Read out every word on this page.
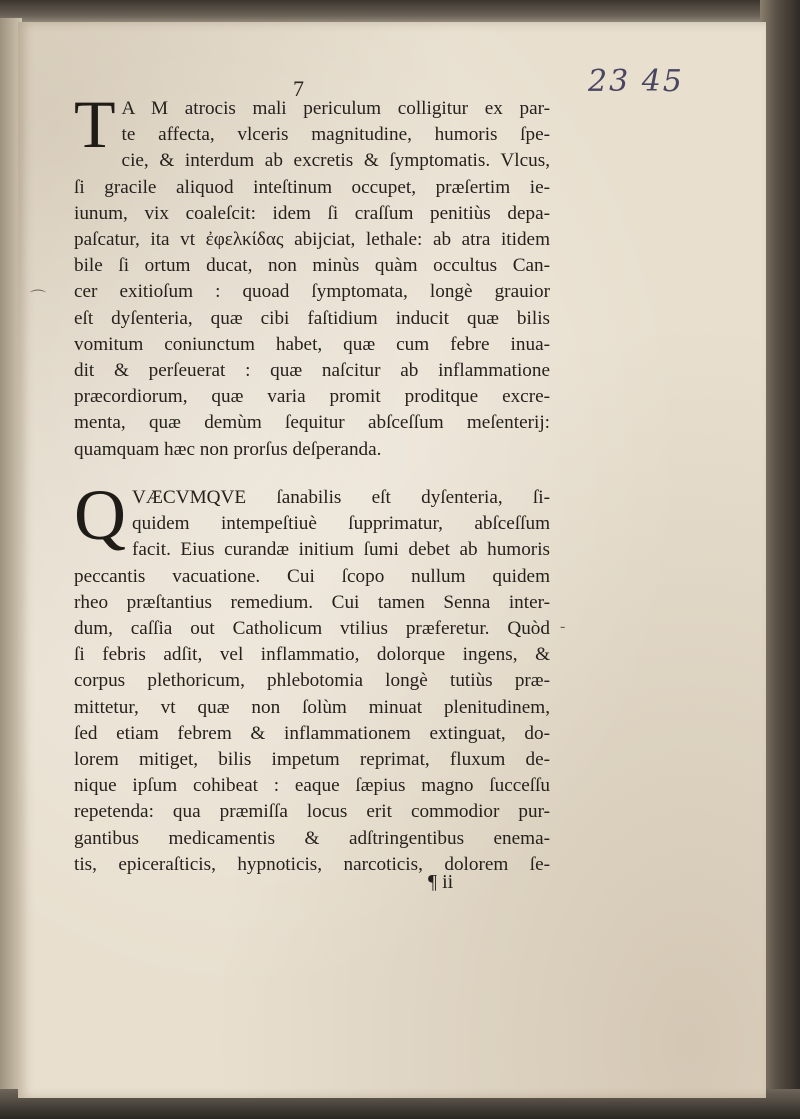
7	23 45
⌒
-
T A M atrocis mali periculum colligitur ex par-
te affecta, vlceris magnitudine, humoris ſpe-
cie, & interdum ab excretis & ſymptomatis. Vlcus,
ſi gracile aliquod inteſtinum occupet, præſertim ie-
iunum, vix coaleſcit: idem ſi craſſum penitiùs depa-
paſcatur, ita vt ἐφελκίδας abijciat, lethale: ab atra itidem
bile ſi ortum ducat, non minùs quàm occultus Can-
cer exitioſum : quoad ſymptomata, longè grauior
eſt dyſenteria, quæ cibi faſtidium inducit quæ bilis
vomitum coniunctum habet, quæ cum febre inua-
dit & perſeuerat : quæ naſcitur ab inflammatione
præcordiorum, quæ varia promit proditque excre-
menta, quæ demùm ſequitur abſceſſum meſenterij:
quamquam hæc non prorſus deſperanda.
Q VÆCVMQVE ſanabilis eſt dyſenteria, ſi-
quidem intempeſtiuè ſupprimatur, abſceſſum
facit. Eius curandæ initium ſumi debet ab humoris
peccantis vacuatione. Cui ſcopo nullum quidem
rheo præſtantius remedium. Cui tamen Senna inter-
dum, caſſia out Catholicum vtilius præferetur. Quòd
ſi febris adſit, vel inflammatio, dolorque ingens, &
corpus plethoricum, phlebotomia longè tutiùs præ-
mittetur, vt quæ non ſolùm minuat plenitudinem,
ſed etiam febrem & inflammationem extinguat, do-
lorem mitiget, bilis impetum reprimat, fluxum de-
nique ipſum cohibeat : eaque ſæpius magno ſucceſſu
repetenda: qua præmiſſa locus erit commodior pur-
gantibus medicamentis & adſtringentibus enema-
tis, epiceraſticis, hypnoticis, narcoticis, dolorem ſe-
¶ ii
